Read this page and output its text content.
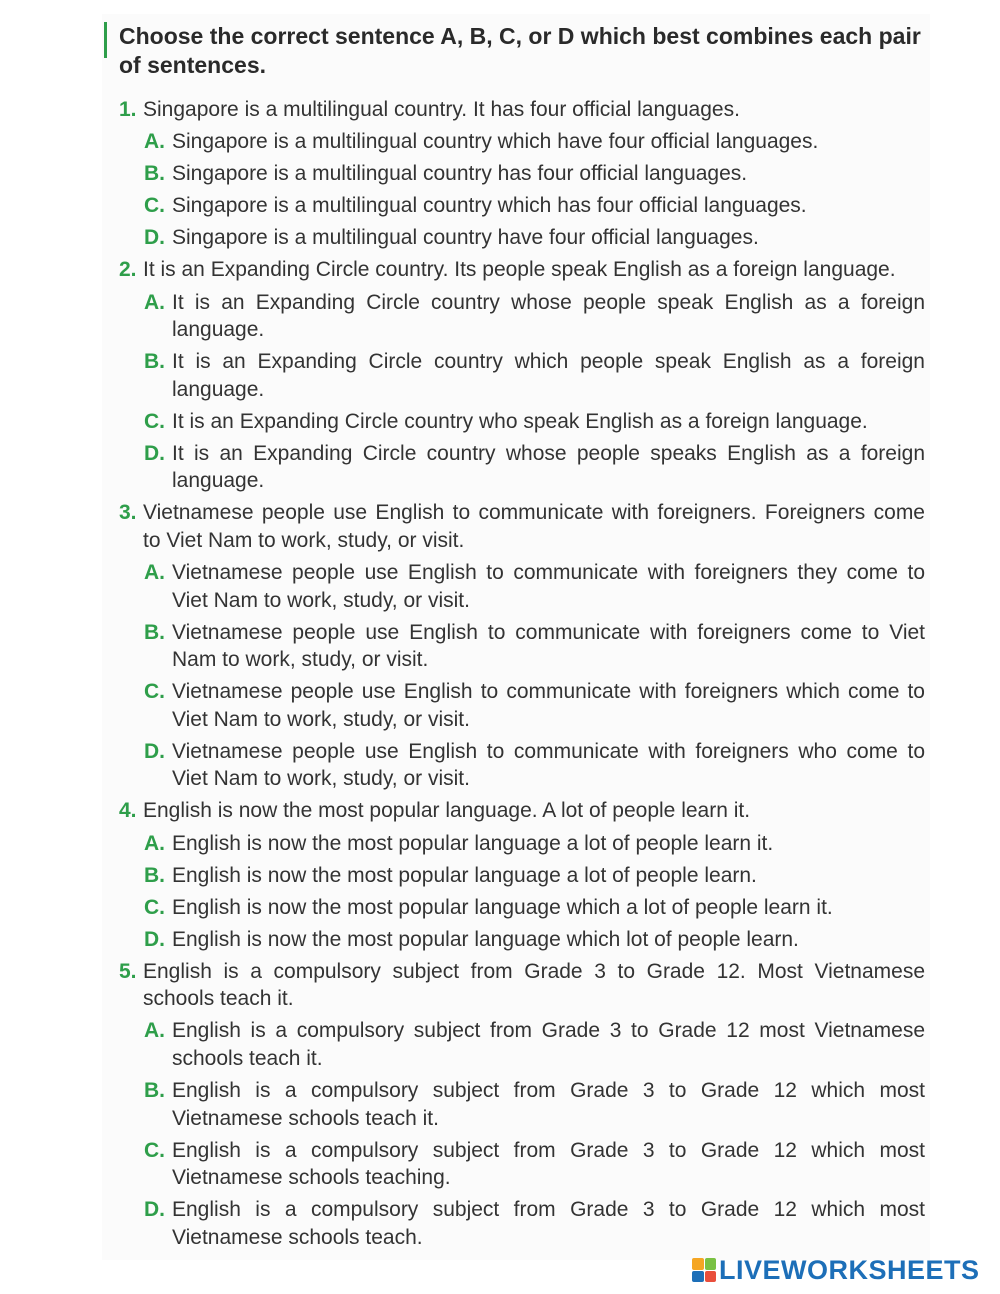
Choose the correct sentence A, B, C, or D which best combines each pair of sentences.
1. Singapore is a multilingual country. It has four official languages.
A. Singapore is a multilingual country which have four official languages.
B. Singapore is a multilingual country has four official languages.
C. Singapore is a multilingual country which has four official languages.
D. Singapore is a multilingual country have four official languages.
2. It is an Expanding Circle country. Its people speak English as a foreign language.
A. It is an Expanding Circle country whose people speak English as a foreign language.
B. It is an Expanding Circle country which people speak English as a foreign language.
C. It is an Expanding Circle country who speak English as a foreign language.
D. It is an Expanding Circle country whose people speaks English as a foreign language.
3. Vietnamese people use English to communicate with foreigners. Foreigners come to Viet Nam to work, study, or visit.
A. Vietnamese people use English to communicate with foreigners they come to Viet Nam to work, study, or visit.
B. Vietnamese people use English to communicate with foreigners come to Viet Nam to work, study, or visit.
C. Vietnamese people use English to communicate with foreigners which come to Viet Nam to work, study, or visit.
D. Vietnamese people use English to communicate with foreigners who come to Viet Nam to work, study, or visit.
4. English is now the most popular language. A lot of people learn it.
A. English is now the most popular language a lot of people learn it.
B. English is now the most popular language a lot of people learn.
C. English is now the most popular language which a lot of people learn it.
D. English is now the most popular language which lot of people learn.
5. English is a compulsory subject from Grade 3 to Grade 12. Most Vietnamese schools teach it.
A. English is a compulsory subject from Grade 3 to Grade 12 most Vietnamese schools teach it.
B. English is a compulsory subject from Grade 3 to Grade 12 which most Vietnamese schools teach it.
C. English is a compulsory subject from Grade 3 to Grade 12 which most Vietnamese schools teaching.
D. English is a compulsory subject from Grade 3 to Grade 12 which most Vietnamese schools teach.
LIVEWORKSHEETS
